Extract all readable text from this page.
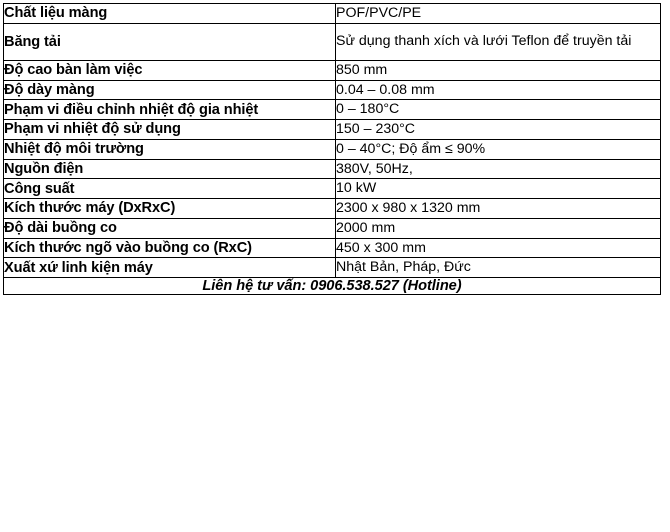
Chất liệu màng	POF/PVC/PE
Băng tải	Sử dụng thanh xích và lưới Teflon để truyền tải
Độ cao bàn làm việc	850 mm
Độ dày màng	0.04 – 0.08 mm
Phạm vi điều chỉnh nhiệt độ gia nhiệt	0 – 180°C
Phạm vi nhiệt độ sử dụng	150 – 230°C
Nhiệt độ môi trường	0 – 40°C; Độ ẩm ≤ 90%
Nguồn điện	380V, 50Hz,
Công suất	10 kW
Kích thước máy (DxRxC)	2300 x 980 x 1320 mm
Độ dài buồng co	2000 mm
Kích thước ngõ vào buồng co (RxC)	450 x 300 mm
Xuất xứ linh kiện máy	Nhật Bản, Pháp, Đức
Liên hệ tư vấn: 0906.538.527 (Hotline)	
